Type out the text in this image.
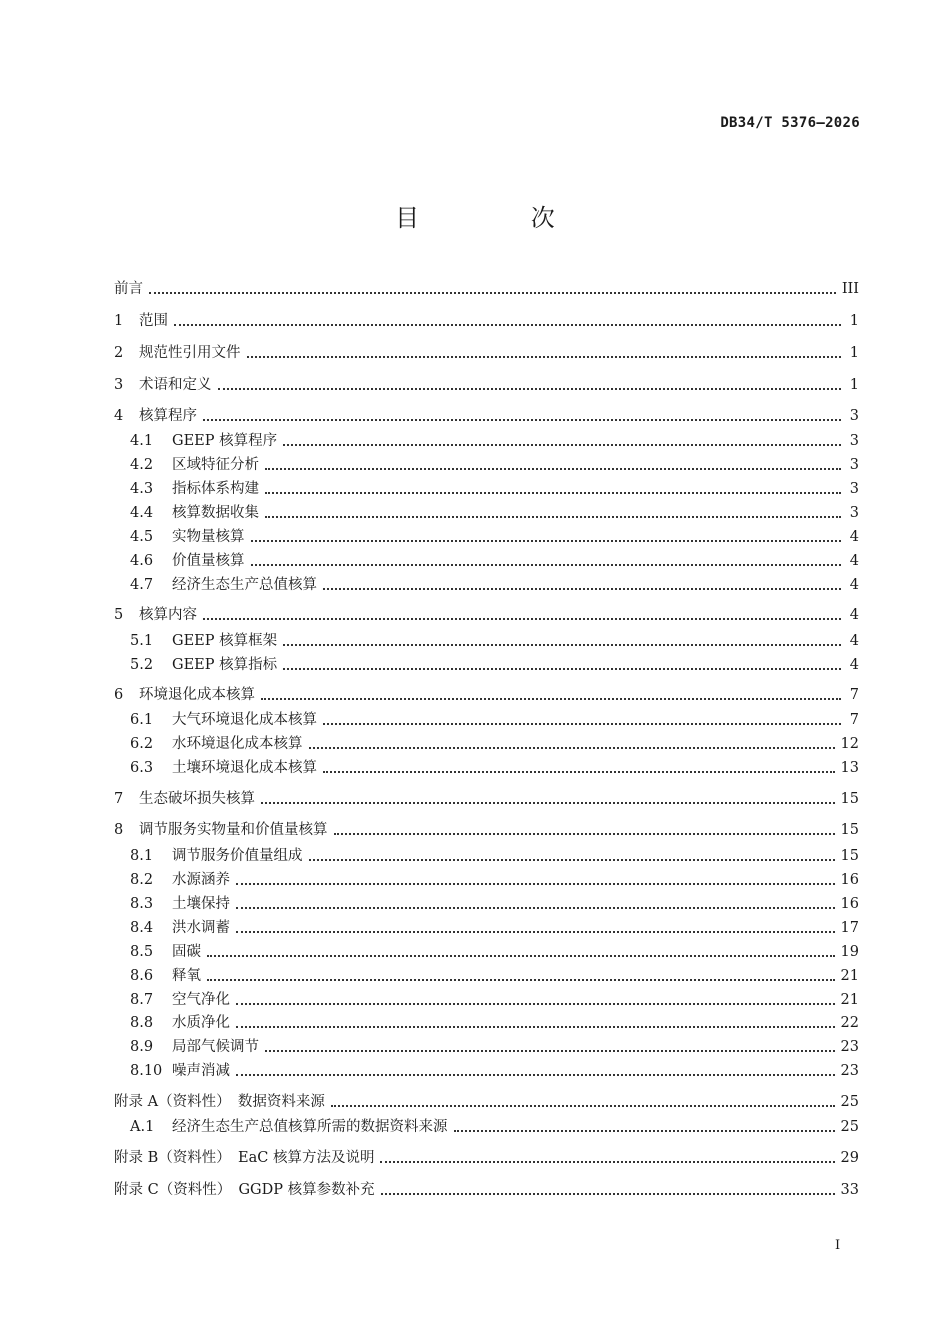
DB34/T 5376—2026
目 次
前言	III
1	范围	1
2	规范性引用文件	1
3	术语和定义	1
4	核算程序	3
4.1	GEEP 核算程序	3
4.2	区域特征分析	3
4.3	指标体系构建	3
4.4	核算数据收集	3
4.5	实物量核算	4
4.6	价值量核算	4
4.7	经济生态生产总值核算	4
5	核算内容	4
5.1	GEEP 核算框架	4
5.2	GEEP 核算指标	4
6	环境退化成本核算	7
6.1	大气环境退化成本核算	7
6.2	水环境退化成本核算	12
6.3	土壤环境退化成本核算	13
7	生态破坏损失核算	15
8	调节服务实物量和价值量核算	15
8.1	调节服务价值量组成	15
8.2	水源涵养	16
8.3	土壤保持	16
8.4	洪水调蓄	17
8.5	固碳	19
8.6	释氧	21
8.7	空气净化	21
8.8	水质净化	22
8.9	局部气候调节	23
8.10 噪声消减	23
附录 A（资料性）　数据资料来源	25
A.1	经济生态生产总值核算所需的数据资料来源	25
附录 B（资料性）　EaC 核算方法及说明	29
附录 C（资料性）　GGDP 核算参数补充	33
I
